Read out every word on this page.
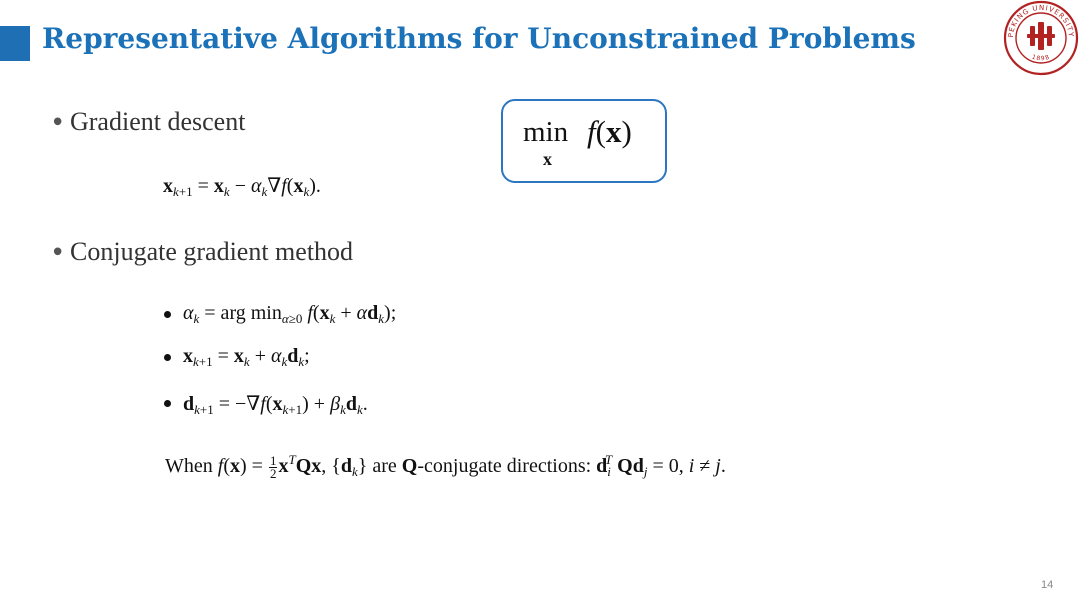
Representative Algorithms for Unconstrained Problems	PEKING UNIVERSITY
1898
• Gradient descent
$x_{k+1} = x_k - \alpha_k\nabla f(x_k)$.
min
x
f(x)
• Conjugate gradient method
$\alpha_k$ = arg $\min_{\alpha\ge 0} f(x_k + \alpha d_k)$;
$x_{k+1} = x_k + \alpha_kd_k$;
$d_{k+1} = -\nabla f(x_{k+1}) + \beta_kd_k$.
When $f(x) = \frac{1}{2} x^TQx$, $\{d_k\}$ are Q-conjugate directions: $d_i^T$ $Qd_j = 0$, i ≠ j.
14
